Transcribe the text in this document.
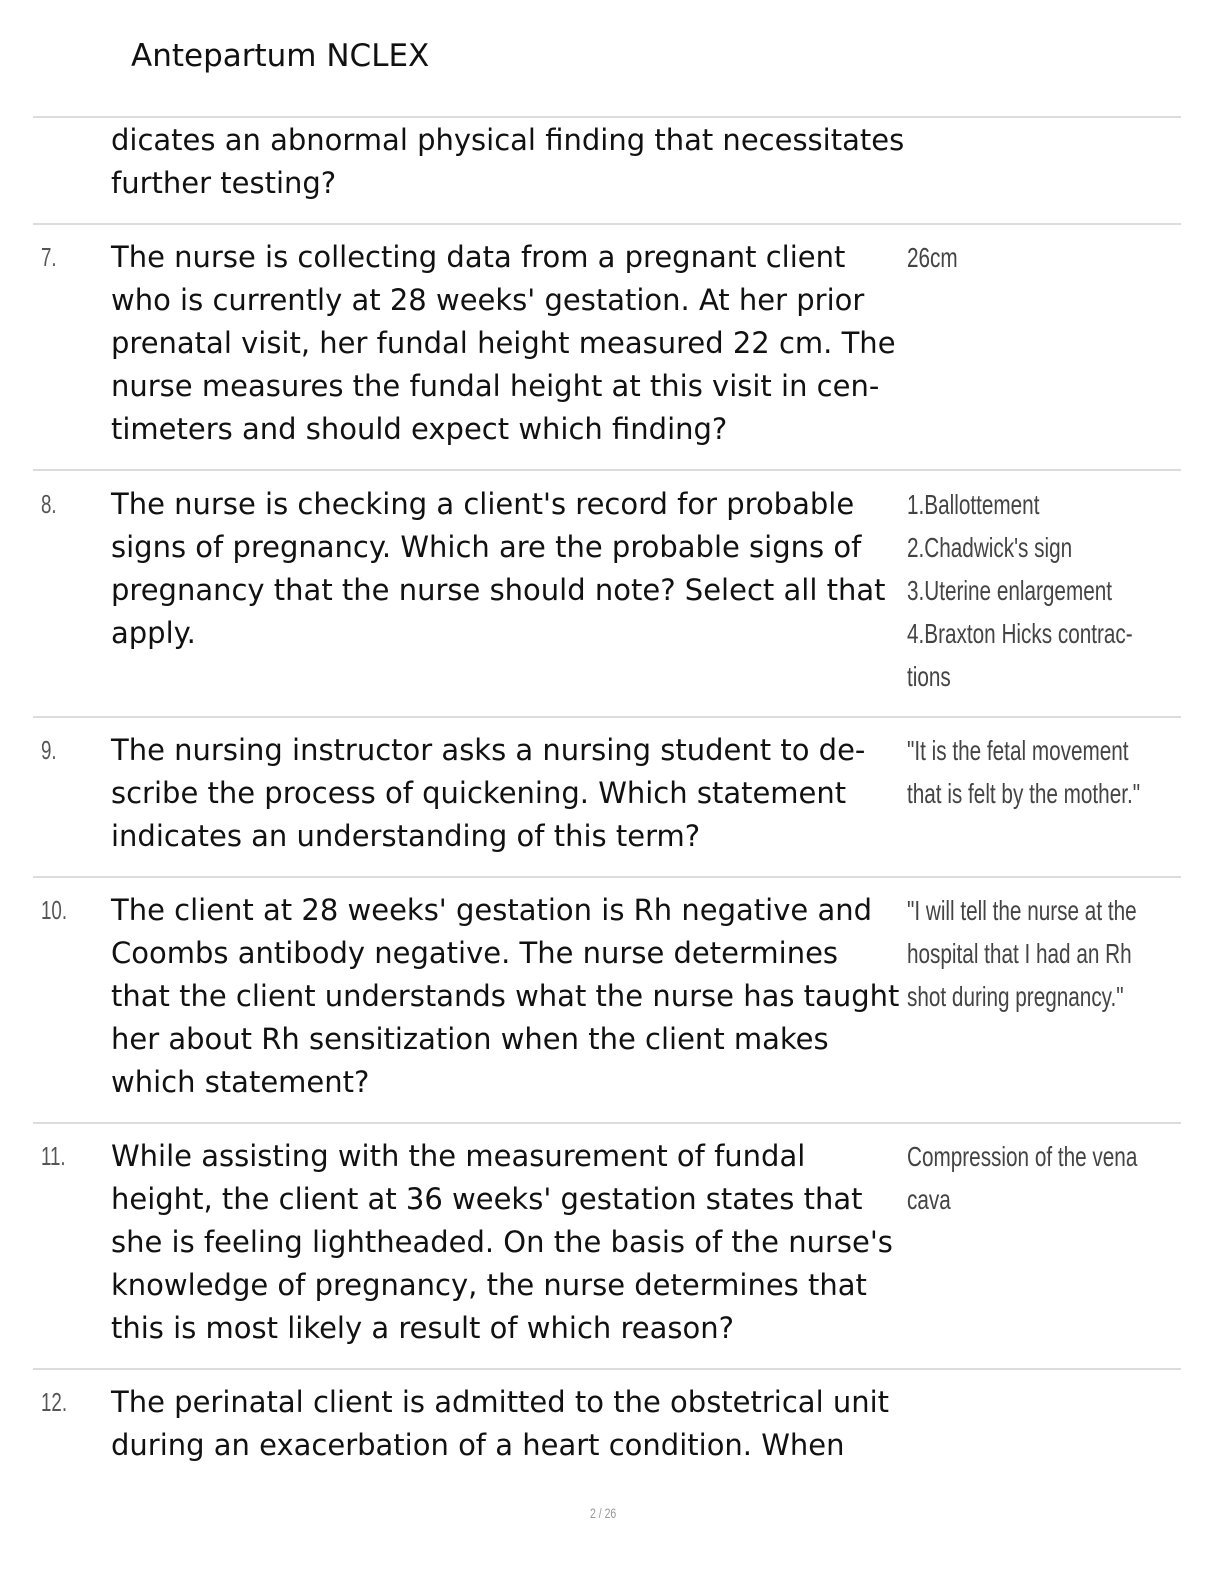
Antepartum NCLEX
dicates an abnormal physical finding that necessitates
further testing?
7. The nurse is collecting data from a pregnant client
who is currently at 28 weeks' gestation. At her prior
prenatal visit, her fundal height measured 22 cm. The
nurse measures the fundal height at this visit in cen-
timeters and should expect which finding?
26cm
8. The nurse is checking a client's record for probable
signs of pregnancy. Which are the probable signs of
pregnancy that the nurse should note? Select all that
apply.
1.Ballottement
2.Chadwick's sign
3.Uterine enlargement
4.Braxton Hicks contrac-
tions
9. The nursing instructor asks a nursing student to de-
scribe the process of quickening. Which statement
indicates an understanding of this term?
"It is the fetal movement
that is felt by the mother."
10. The client at 28 weeks' gestation is Rh negative and
Coombs antibody negative. The nurse determines
that the client understands what the nurse has taught
her about Rh sensitization when the client makes
which statement?
"I will tell the nurse at the
hospital that I had an Rh
shot during pregnancy."
11. While assisting with the measurement of fundal
height, the client at 36 weeks' gestation states that
she is feeling lightheaded. On the basis of the nurse's
knowledge of pregnancy, the nurse determines that
this is most likely a result of which reason?
Compression of the vena
cava
12. The perinatal client is admitted to the obstetrical unit
during an exacerbation of a heart condition. When
2 / 26
